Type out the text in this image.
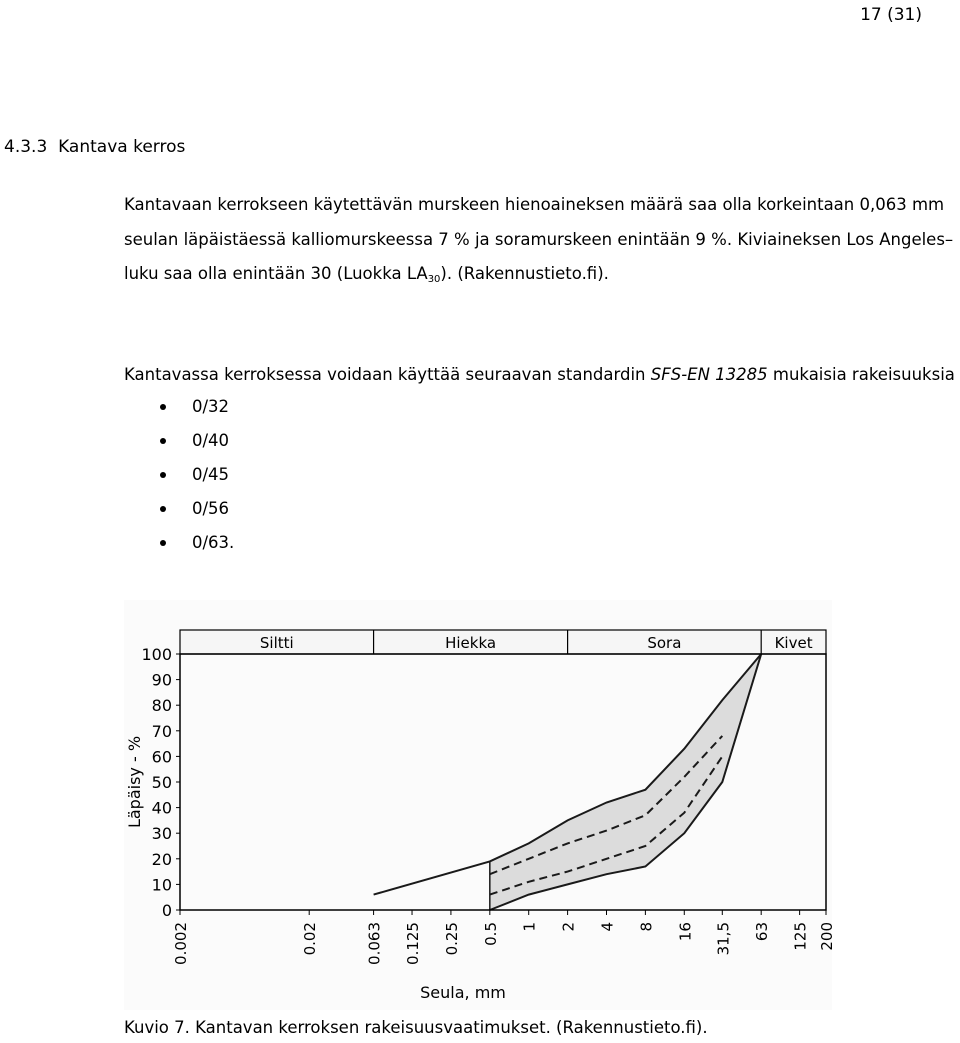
17 (31)
4.3.3 Kantava kerros
Kantavaan kerrokseen käytettävän murskeen hienoaineksen määrä saa olla korkeintaan 0,063 mm
seulan läpäistäessä kalliomurskeessa 7 % ja soramurskeen enintään 9 %. Kiviaineksen Los Angeles–
luku saa olla enintään 30 (Luokka LA30). (Rakennustieto.fi).
Kantavassa kerroksessa voidaan käyttää seuraavan standardin SFS-EN 13285 mukaisia rakeisuuksia
0/32
0/40
0/45
0/56
0/63.
Siltti	Hiekka	Sora	Kivet
0
10
20
30
40
50
60
70
80
90
100
0.002	0.02	0.063 0.125 0.25 0.5 1 2 4 8 16 31,5 63 125 200
Läpäisy - %
Seula, mm
Kuvio 7. Kantavan kerroksen rakeisuusvaatimukset. (Rakennustieto.fi).
